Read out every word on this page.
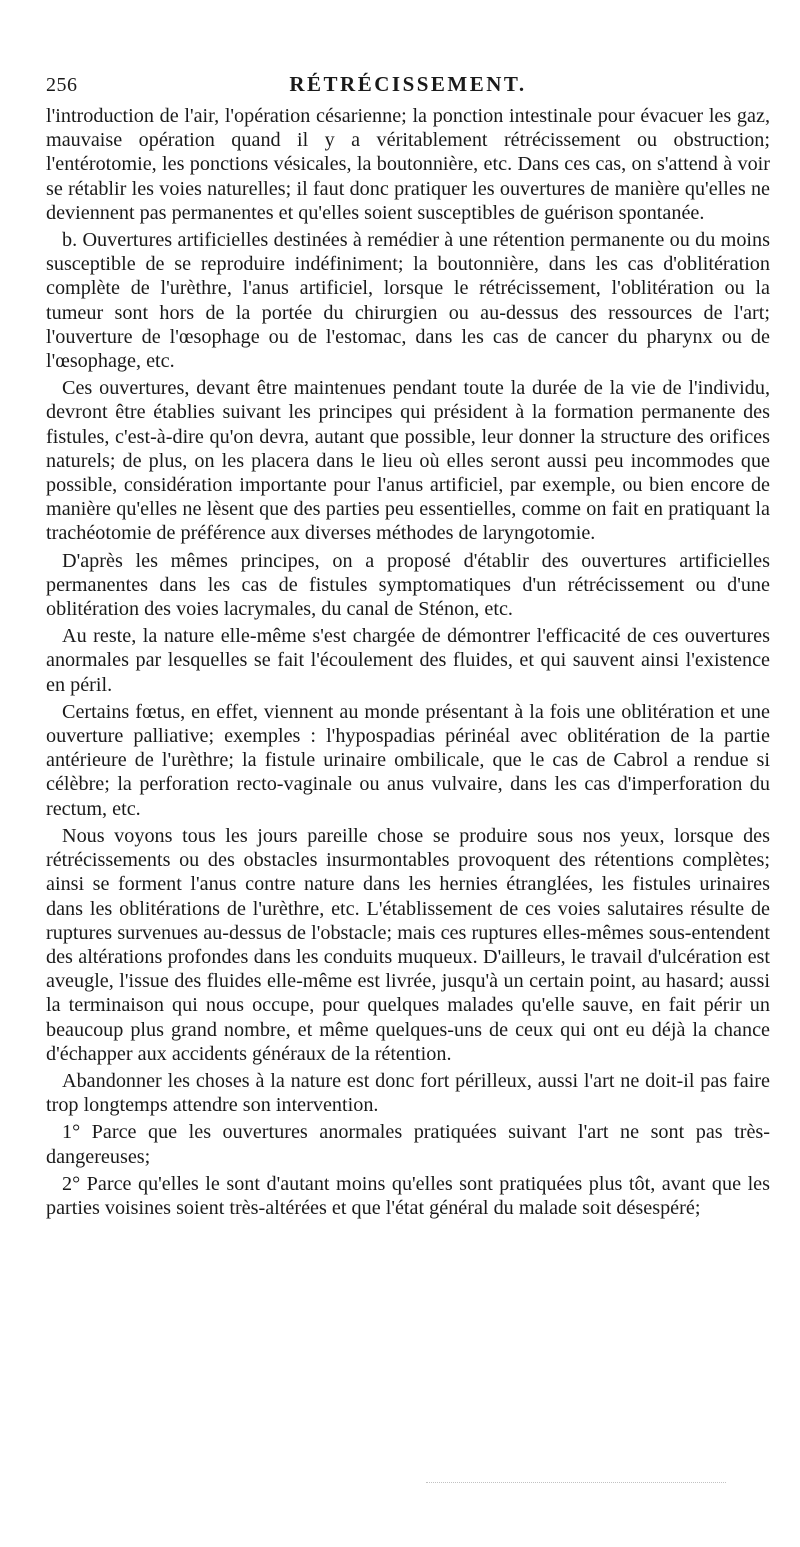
256	RÉTRÉCISSEMENT.

l'introduction de l'air, l'opération césarienne; la ponction intestinale pour évacuer les gaz, mauvaise opération quand il y a véritablement rétrécissement ou obstruction; l'entérotomie, les ponctions vésicales, la boutonnière, etc. Dans ces cas, on s'attend à voir se rétablir les voies naturelles; il faut donc pratiquer les ouvertures de manière qu'elles ne deviennent pas permanentes et qu'elles soient susceptibles de guérison spontanée.

b. Ouvertures artificielles destinées à remédier à une rétention permanente ou du moins susceptible de se reproduire indéfiniment; la boutonnière, dans les cas d'oblitération complète de l'urèthre, l'anus artificiel, lorsque le rétrécissement, l'oblitération ou la tumeur sont hors de la portée du chirurgien ou au-dessus des ressources de l'art; l'ouverture de l'œsophage ou de l'estomac, dans les cas de cancer du pharynx ou de l'œsophage, etc.

Ces ouvertures, devant être maintenues pendant toute la durée de la vie de l'individu, devront être établies suivant les principes qui président à la formation permanente des fistules, c'est-à-dire qu'on devra, autant que possible, leur donner la structure des orifices naturels; de plus, on les placera dans le lieu où elles seront aussi peu incommodes que possible, considération importante pour l'anus artificiel, par exemple, ou bien encore de manière qu'elles ne lèsent que des parties peu essentielles, comme on fait en pratiquant la trachéotomie de préférence aux diverses méthodes de laryngotomie.

D'après les mêmes principes, on a proposé d'établir des ouvertures artificielles permanentes dans les cas de fistules symptomatiques d'un rétrécissement ou d'une oblitération des voies lacrymales, du canal de Sténon, etc.

Au reste, la nature elle-même s'est chargée de démontrer l'efficacité de ces ouvertures anormales par lesquelles se fait l'écoulement des fluides, et qui sauvent ainsi l'existence en péril.

Certains fœtus, en effet, viennent au monde présentant à la fois une oblitération et une ouverture palliative; exemples : l'hypospadias périnéal avec oblitération de la partie antérieure de l'urèthre; la fistule urinaire ombilicale, que le cas de Cabrol a rendue si célèbre; la perforation recto-vaginale ou anus vulvaire, dans les cas d'imperforation du rectum, etc.

Nous voyons tous les jours pareille chose se produire sous nos yeux, lorsque des rétrécissements ou des obstacles insurmontables provoquent des rétentions complètes; ainsi se forment l'anus contre nature dans les hernies étranglées, les fistules urinaires dans les oblitérations de l'urèthre, etc. L'établissement de ces voies salutaires résulte de ruptures survenues au-dessus de l'obstacle; mais ces ruptures elles-mêmes sous-entendent des altérations profondes dans les conduits muqueux. D'ailleurs, le travail d'ulcération est aveugle, l'issue des fluides elle-même est livrée, jusqu'à un certain point, au hasard; aussi la terminaison qui nous occupe, pour quelques malades qu'elle sauve, en fait périr un beaucoup plus grand nombre, et même quelques-uns de ceux qui ont eu déjà la chance d'échapper aux accidents généraux de la rétention.

Abandonner les choses à la nature est donc fort périlleux, aussi l'art ne doit-il pas faire trop longtemps attendre son intervention.

1° Parce que les ouvertures anormales pratiquées suivant l'art ne sont pas très-dangereuses;

2° Parce qu'elles le sont d'autant moins qu'elles sont pratiquées plus tôt, avant que les parties voisines soient très-altérées et que l'état général du malade soit désespéré;
